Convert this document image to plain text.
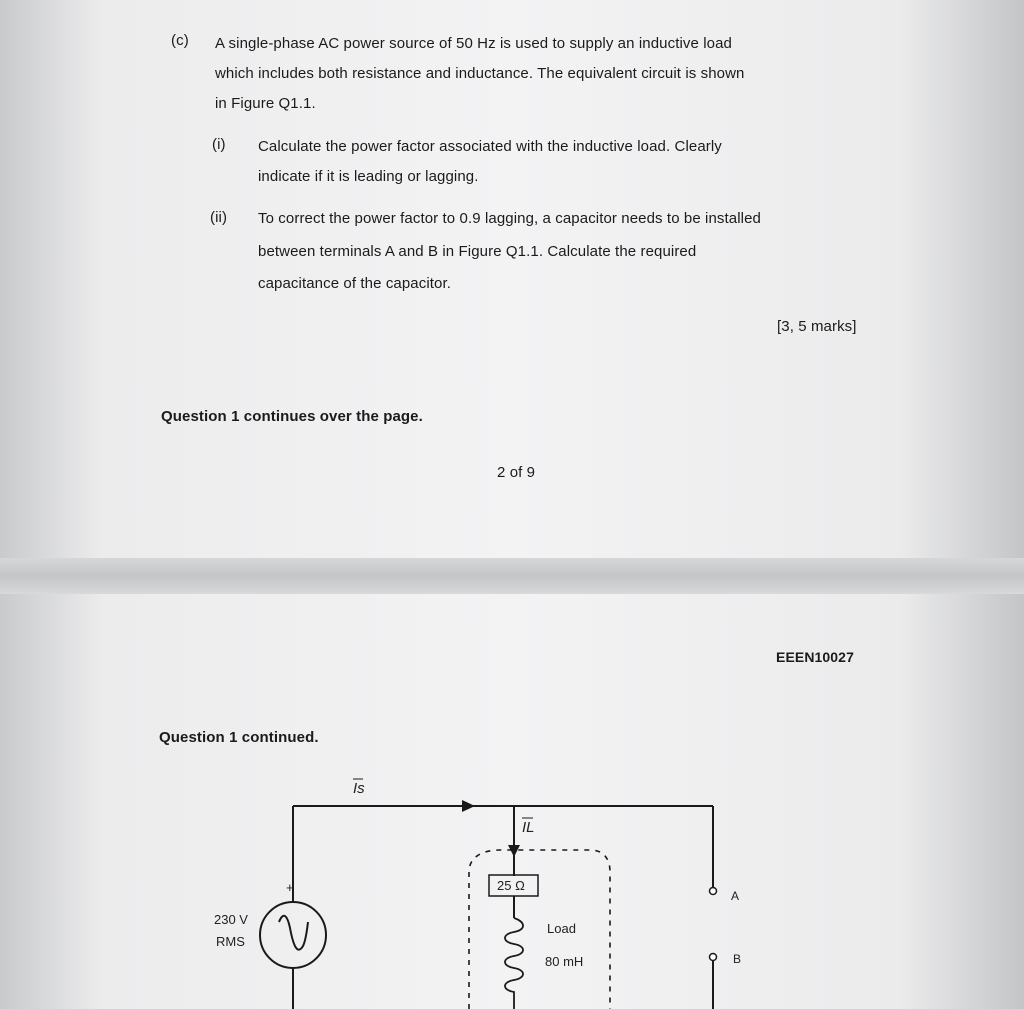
(c) A single-phase AC power source of 50 Hz is used to supply an inductive load
which includes both resistance and inductance. The equivalent circuit is shown
in Figure Q1.1.
(i) Calculate the power factor associated with the inductive load. Clearly
indicate if it is leading or lagging.
(ii) To correct the power factor to 0.9 lagging, a capacitor needs to be installed
between terminals A and B in Figure Q1.1. Calculate the required
capacitance of the capacitor.
[3, 5 marks]
Question 1 continues over the page.
2 of 9
EEEN10027
Question 1 continued.
Is
IL
+
230 V
RMS
25 Ω
Load
80 mH
A
B
